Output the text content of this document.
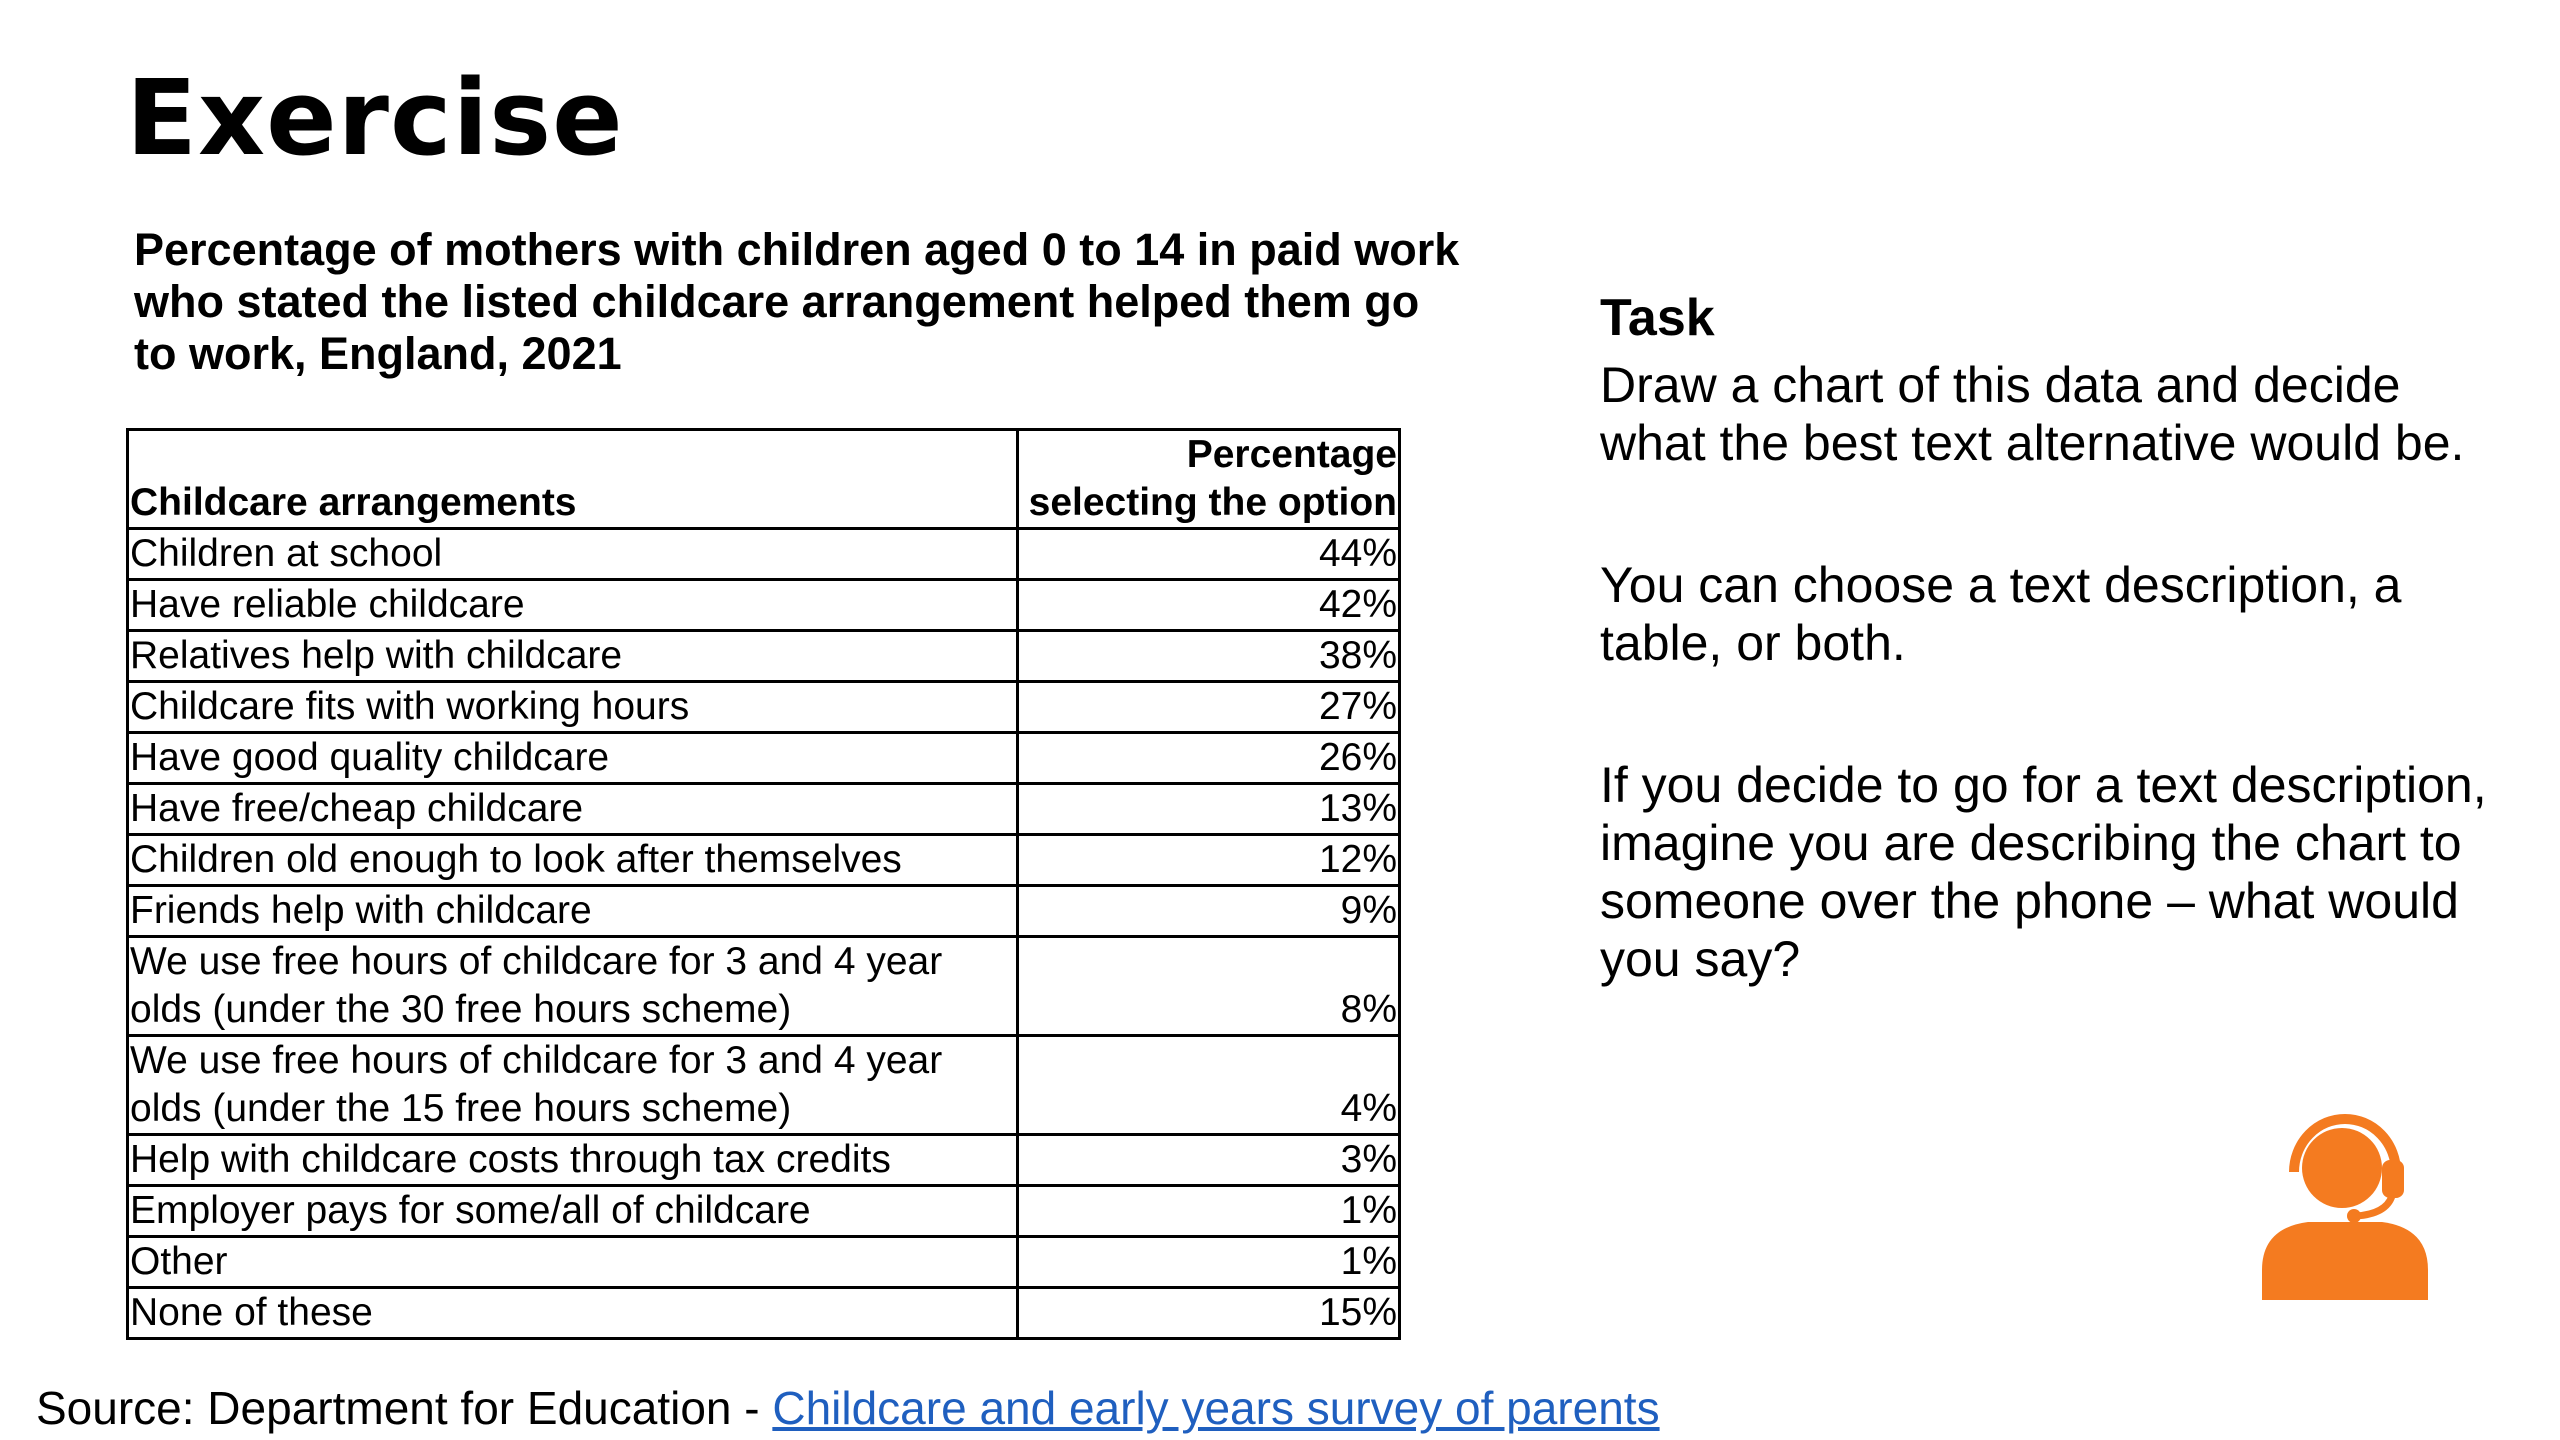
Exercise
Percentage of mothers with children aged 0 to 14 in paid work who stated the listed childcare arrangement helped them go to work, England, 2021
Childcare arrangements	Percentage
selecting the option
Children at school	44%
Have reliable childcare	42%
Relatives help with childcare	38%
Childcare fits with working hours	27%
Have good quality childcare	26%
Have free/cheap childcare	13%
Children old enough to look after themselves	12%
Friends help with childcare	9%
We use free hours of childcare for 3 and 4 year olds (under the 30 free hours scheme)	8%
We use free hours of childcare for 3 and 4 year olds (under the 15 free hours scheme)	4%
Help with childcare costs through tax credits	3%
Employer pays for some/all of childcare	1%
Other	1%
None of these	15%
Task

Draw a chart of this data and decide what the best text alternative would be.

You can choose a text description, a table, or both.

If you decide to go for a text description, imagine you are describing the chart to someone over the phone – what would you say?

Source: Department for Education - Childcare and early years survey of parents
